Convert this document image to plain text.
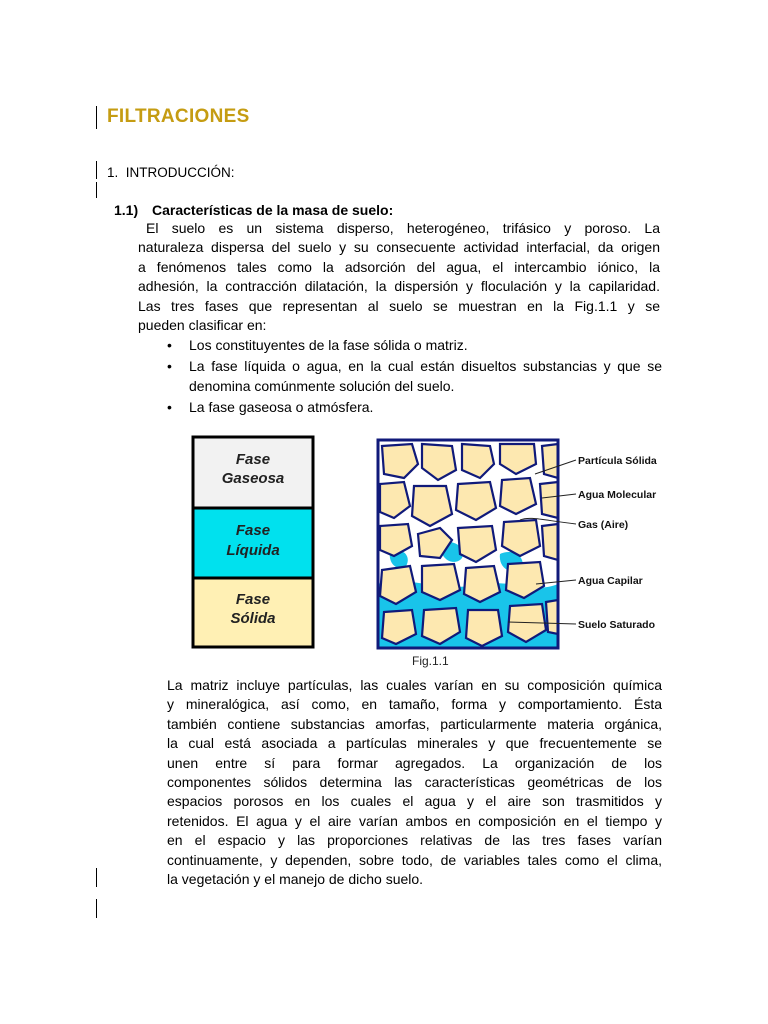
FILTRACIONES
1. INTRODUCCIÓN:
1.1) Características de la masa de suelo:
El suelo es un sistema disperso, heterogéneo, trifásico y poroso. La
naturaleza dispersa del suelo y su consecuente actividad interfacial, da origen
a fenómenos tales como la adsorción del agua, el intercambio iónico, la
adhesión, la contracción dilatación, la dispersión y floculación y la capilaridad.
Las tres fases que representan al suelo se muestran en la Fig.1.1 y se
pueden clasificar en:
• Los constituyentes de la fase sólida o matriz.
• La fase líquida o agua, en la cual están disueltos substancias y que se denomina comúnmente solución del suelo.
• La fase gaseosa o atmósfera.
Fase
Gaseosa
Fase
Líquida
Fase
Sólida
Partícula Sólida
Agua Molecular
Gas (Aire)
Agua Capilar
Suelo Saturado
Fig.1.1
La matriz incluye partículas, las cuales varían en su composición química
y mineralógica, así como, en tamaño, forma y comportamiento. Ésta
también contiene substancias amorfas, particularmente materia orgánica,
la cual está asociada a partículas minerales y que frecuentemente se
unen entre sí para formar agregados. La organización de los
componentes sólidos determina las características geométricas de los
espacios porosos en los cuales el agua y el aire son trasmitidos y
retenidos. El agua y el aire varían ambos en composición en el tiempo y
en el espacio y las proporciones relativas de las tres fases varían
continuamente, y dependen, sobre todo, de variables tales como el clima,
la vegetación y el manejo de dicho suelo.
